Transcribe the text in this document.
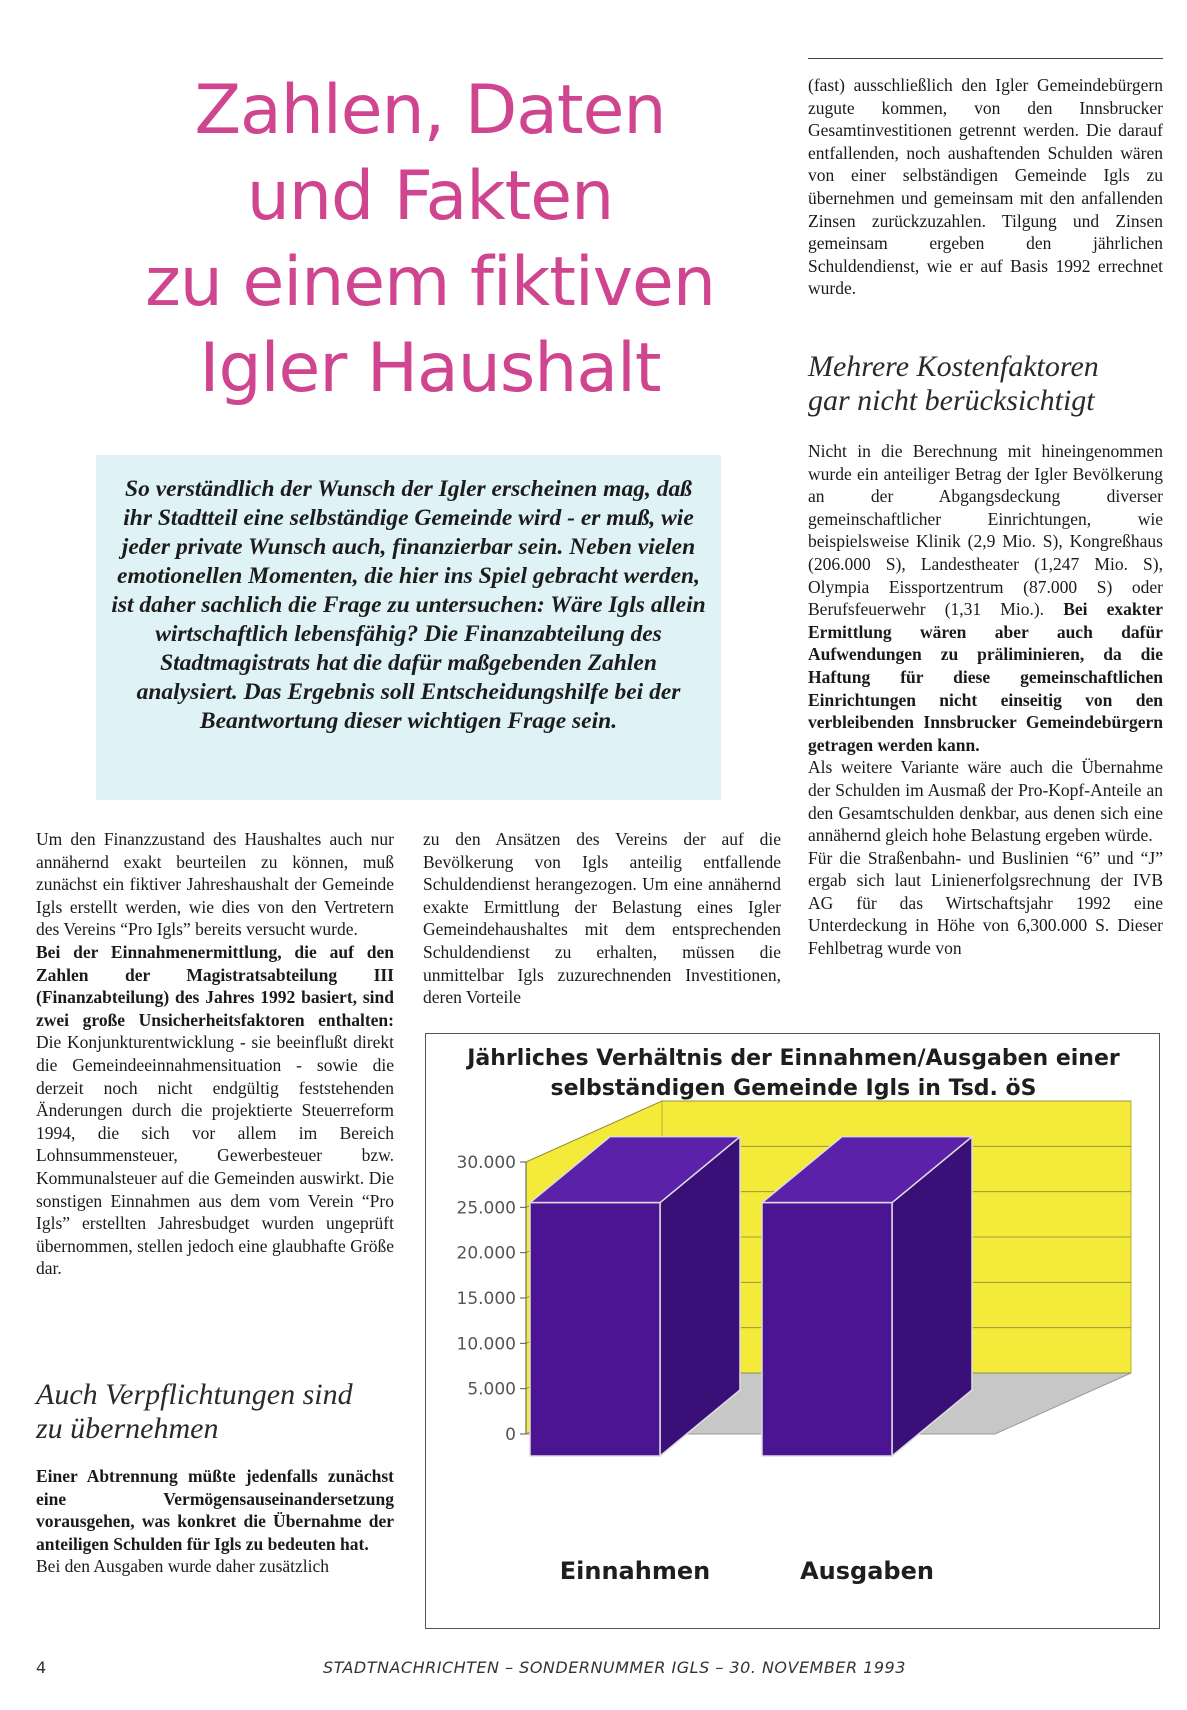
Zahlen, Daten
und Fakten
zu einem fiktiven
Igler Haushalt
So verständlich der Wunsch der Igler erscheinen mag, daß ihr Stadtteil eine selbständige Gemeinde wird - er muß, wie jeder private Wunsch auch, finanzierbar sein. Neben vielen emotionellen Momenten, die hier ins Spiel gebracht werden, ist daher sachlich die Frage zu untersuchen: Wäre Igls allein wirtschaftlich lebensfähig? Die Finanzabteilung des Stadtmagistrats hat die dafür maßgebenden Zahlen analysiert. Das Ergebnis soll Entscheidungshilfe bei der Beantwortung dieser wichtigen Frage sein.

Um den Finanzzustand des Haushaltes auch nur annähernd exakt beurteilen zu können, muß zunächst ein fiktiver Jahreshaushalt der Gemeinde Igls erstellt werden, wie dies von den Vertretern des Vereins “Pro Igls” bereits versucht wurde.

Bei der Einnahmenermittlung, die auf den Zahlen der Magistratsabteilung III (Finanzabteilung) des Jahres 1992 basiert, sind zwei große Unsicherheitsfaktoren enthalten: Die Konjunkturentwicklung - sie beeinflußt direkt die Gemeindeeinnahmensituation - sowie die derzeit noch nicht endgültig feststehenden Änderungen durch die projektierte Steuerreform 1994, die sich vor allem im Bereich Lohnsummensteuer, Gewerbesteuer bzw. Kommunalsteuer auf die Gemeinden auswirkt. Die sonstigen Einnahmen aus dem vom Verein “Pro Igls” erstellten Jahresbudget wurden ungeprüft übernommen, stellen jedoch eine glaubhafte Größe dar.

Auch Verpflichtungen sind zu übernehmen

Einer Abtrennung müßte jedenfalls zunächst eine Vermögensauseinandersetzung vorausgehen, was konkret die Übernahme der anteiligen Schulden für Igls zu bedeuten hat.

Bei den Ausgaben wurde daher zusätzlich

zu den Ansätzen des Vereins der auf die Bevölkerung von Igls anteilig entfallende Schuldendienst herangezogen. Um eine annähernd exakte Ermittlung der Belastung eines Igler Gemeindehaushaltes mit dem entsprechenden Schuldendienst zu erhalten, müssen die unmittelbar Igls zuzurechnenden Investitionen, deren Vorteile

(fast) ausschließlich den Igler Gemeindebürgern zugute kommen, von den Innsbrucker Gesamtinvestitionen getrennt werden. Die darauf entfallenden, noch aushaftenden Schulden wären von einer selbständigen Gemeinde Igls zu übernehmen und gemeinsam mit den anfallenden Zinsen zurückzuzahlen. Tilgung und Zinsen gemeinsam ergeben den jährlichen Schuldendienst, wie er auf Basis 1992 errechnet wurde.

Mehrere Kostenfaktoren gar nicht berücksichtigt

Nicht in die Berechnung mit hineingenommen wurde ein anteiliger Betrag der Igler Bevölkerung an der Abgangsdeckung diverser gemeinschaftlicher Einrichtungen, wie beispielsweise Klinik (2,9 Mio. S), Kongreßhaus (206.000 S), Landestheater (1,247 Mio. S), Olympia Eissportzentrum (87.000 S) oder Berufsfeuerwehr (1,31 Mio.). Bei exakter Ermittlung wären aber auch dafür Aufwendungen zu präliminieren, da die Haftung für diese gemeinschaftlichen Einrichtungen nicht einseitig von den verbleibenden Innsbrucker Gemeindebürgern getragen werden kann.

Als weitere Variante wäre auch die Übernahme der Schulden im Ausmaß der Pro-Kopf-Anteile an den Gesamtschulden denkbar, aus denen sich eine annähernd gleich hohe Belastung ergeben würde.

Für die Straßenbahn- und Buslinien “6” und “J” ergab sich laut Linienerfolgsrechnung der IVB AG für das Wirtschaftsjahr 1992 eine Unterdeckung in Höhe von 6,300.000 S. Dieser Fehlbetrag wurde von

Jährliches Verhältnis der Einnahmen/Ausgaben einer selbständigen Gemeinde Igls in Tsd. öS
0
5.000
10.000
15.000
20.000
25.000
30.000
Einnahmen	Ausgaben
4	STADTNACHRICHTEN – SONDERNUMMER IGLS – 30. NOVEMBER 1993
